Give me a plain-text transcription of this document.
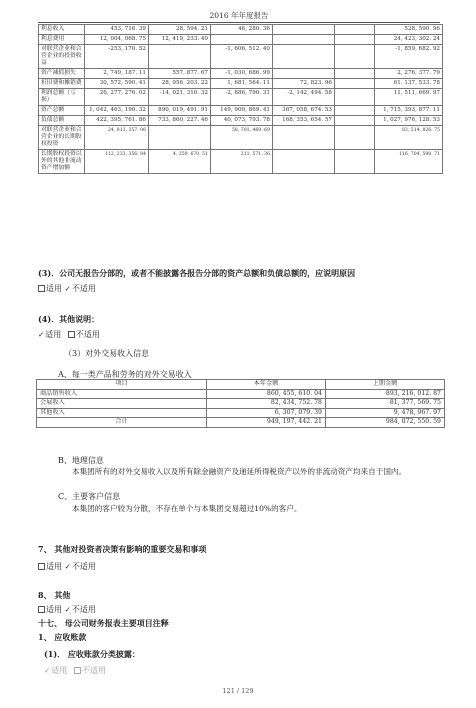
2016 年年度报告
利息收入	453, 716. 39	28, 594. 21	46, 280. 36			528, 590. 96
利息费用	12, 004, 068. 75	12, 419, 233. 49				24, 423, 302. 24
对联营企业和合营企业的投资收益	-253, 170. 52		-1, 606, 512. 40			-1, 859, 682. 92
资产减值损失	2, 749, 187. 11	557, 877. 67	-1, 030, 686. 99			2, 276, 377. 79
折旧费和摊销费	30, 572, 590. 41	28, 956, 203. 22	1, 681, 564. 11	72, 823. 96		61, 137, 533. 78
利润总额（亏损）	26, 277, 276. 02	-14, 021, 310. 32	-2, 886, 790. 31	-2, 142, 494. 58		11, 511, 669. 97
资产总额	1, 042, 463, 190. 32	890, 019, 491. 91	149, 909, 869. 41	367, 058, 674. 53		1, 715, 393, 877. 11
负债总额	422, 395, 761. 86	733, 860, 227. 46	40, 073, 793. 78	168, 353, 654. 57		1, 027, 976, 128. 53
对联营企业和合营企业的长期股权投资	24, 813, 357. 06		58, 701, 469. 69			83, 514, 826. 75
长期股权投资以外的其他非流动资产增加额	112, 233, 356. 84	4, 259, 670. 51	211, 571. 36			116, 704, 598. 71
(3)．公司无报告分部的，或者不能披露各报告分部的资产总额和负债总额的，应说明原因
适用 ✓不适用
(4)．其他说明：
✓适用 不适用
（3）对外交易收入信息
A、每一类产品和劳务的对外交易收入
项目	本年金额	上期金额
商品销售收入	860, 455, 610. 04	893, 216, 012. 87
会展收入	82, 434, 752. 78	81, 377, 569. 75
其他收入	6, 307, 079. 39	9, 478, 967. 97
合计	949, 197, 442. 21	984, 072, 550. 59
B、地理信息
本集团所有的对外交易收入以及所有除金融资产及递延所得税资产以外的非流动资产均来自于国内。
C、主要客户信息
本集团的客户较为分散，不存在单个与本集团交易超过10%的客户。
7、 其他对投资者决策有影响的重要交易和事项
适用 ✓不适用
8、 其他
适用 ✓不适用
十七、 母公司财务报表主要项目注释
1、 应收账款
(1)． 应收账款分类披露：
✓适用 不适用
121 / 129
